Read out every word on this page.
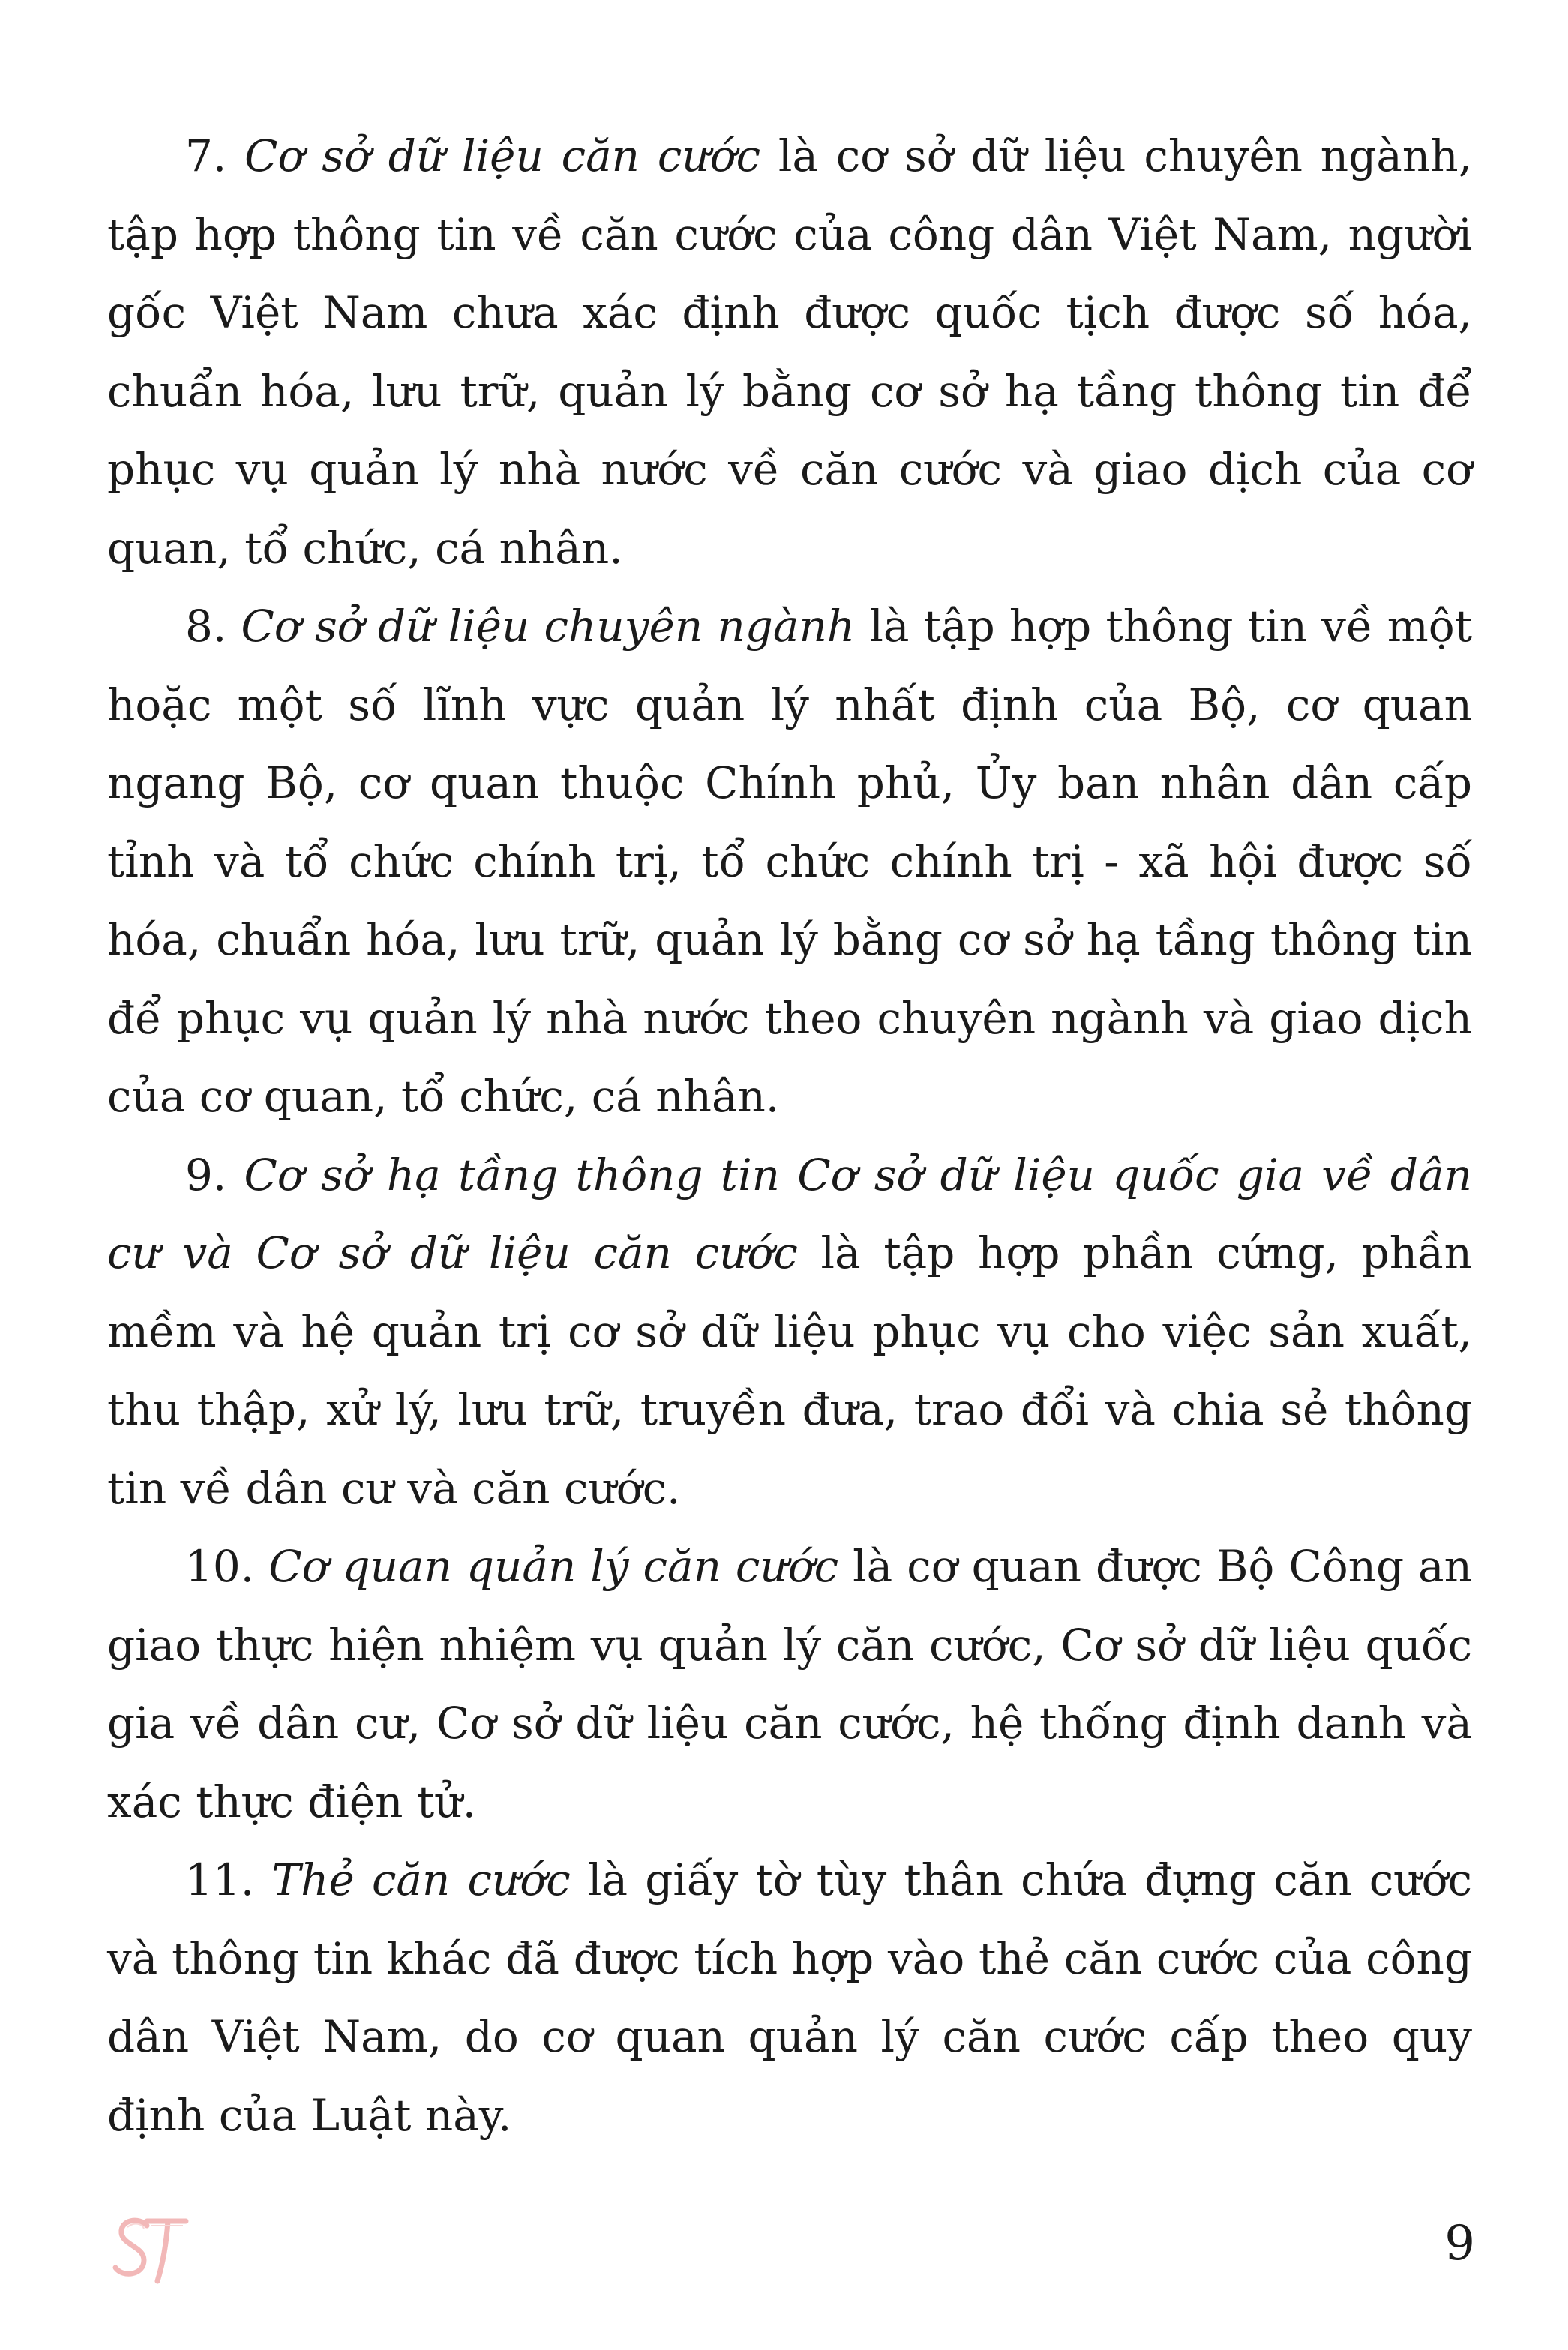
7. Cơ sở dữ liệu căn cước là cơ sở dữ liệu chuyên ngành, tập hợp thông tin về căn cước của công dân Việt Nam, người gốc Việt Nam chưa xác định được quốc tịch được số hóa, chuẩn hóa, lưu trữ, quản lý bằng cơ sở hạ tầng thông tin để phục vụ quản lý nhà nước về căn cước và giao dịch của cơ quan, tổ chức, cá nhân.

8. Cơ sở dữ liệu chuyên ngành là tập hợp thông tin về một hoặc một số lĩnh vực quản lý nhất định của Bộ, cơ quan ngang Bộ, cơ quan thuộc Chính phủ, Ủy ban nhân dân cấp tỉnh và tổ chức chính trị, tổ chức chính trị - xã hội được số hóa, chuẩn hóa, lưu trữ, quản lý bằng cơ sở hạ tầng thông tin để phục vụ quản lý nhà nước theo chuyên ngành và giao dịch của cơ quan, tổ chức, cá nhân.

9. Cơ sở hạ tầng thông tin Cơ sở dữ liệu quốc gia về dân cư và Cơ sở dữ liệu căn cước là tập hợp phần cứng, phần mềm và hệ quản trị cơ sở dữ liệu phục vụ cho việc sản xuất, thu thập, xử lý, lưu trữ, truyền đưa, trao đổi và chia sẻ thông tin về dân cư và căn cước.

10. Cơ quan quản lý căn cước là cơ quan được Bộ Công an giao thực hiện nhiệm vụ quản lý căn cước, Cơ sở dữ liệu quốc gia về dân cư, Cơ sở dữ liệu căn cước, hệ thống định danh và xác thực điện tử.

11. Thẻ căn cước là giấy tờ tùy thân chứa đựng căn cước và thông tin khác đã được tích hợp vào thẻ căn cước của công dân Việt Nam, do cơ quan quản lý căn cước cấp theo quy định của Luật này.

9
